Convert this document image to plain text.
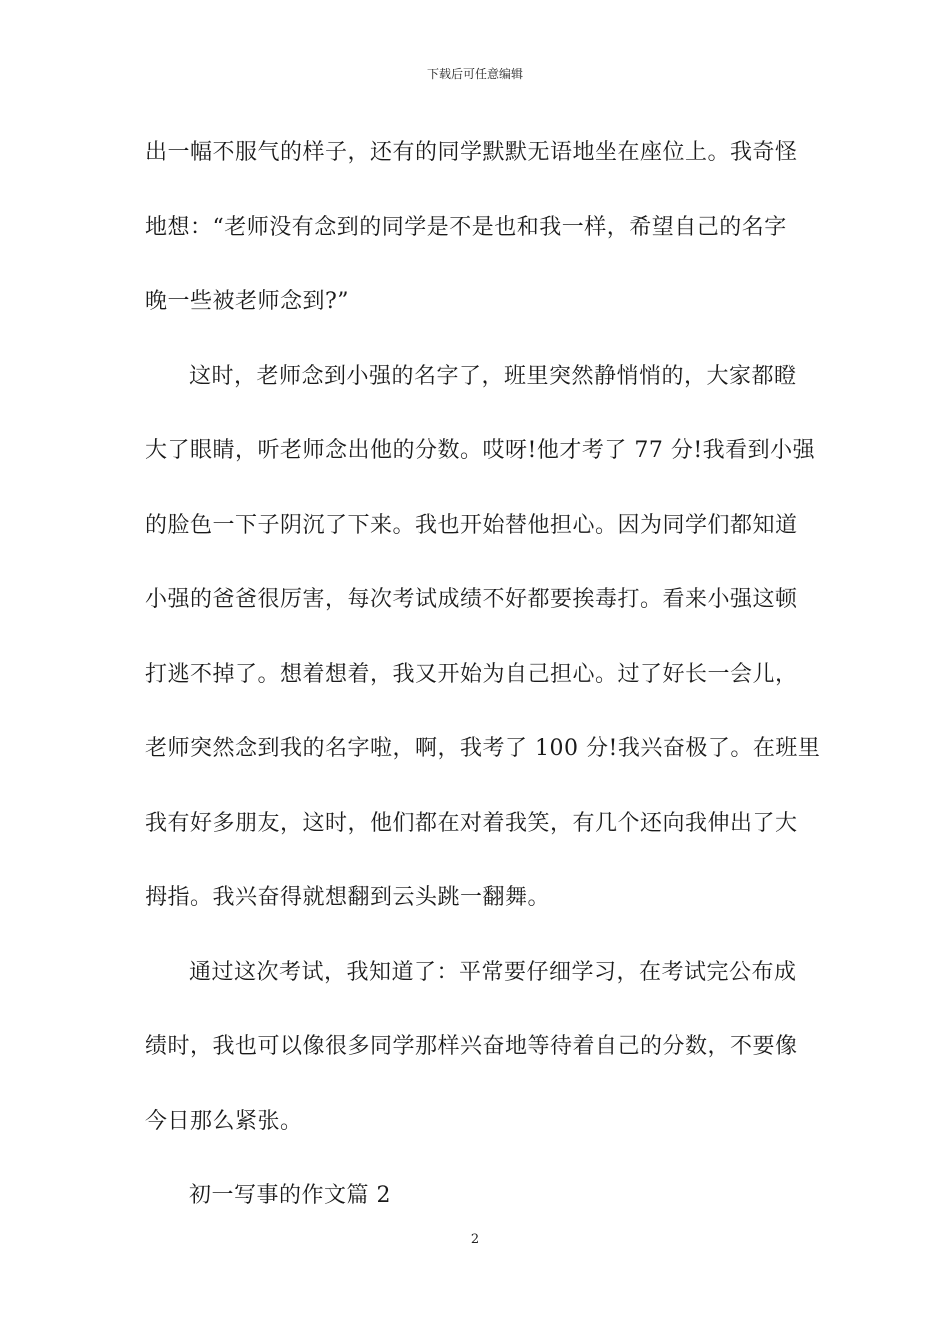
下载后可任意编辑
出一幅不服气的样子，还有的同学默默无语地坐在座位上。我奇怪
地想：“老师没有念到的同学是不是也和我一样，希望自己的名字
晚一些被老师念到?”
这时，老师念到小强的名字了，班里突然静悄悄的，大家都瞪
大了眼睛，听老师念出他的分数。哎呀!他才考了 77 分!我看到小强
的脸色一下子阴沉了下来。我也开始替他担心。因为同学们都知道
小强的爸爸很厉害，每次考试成绩不好都要挨毒打。看来小强这顿
打逃不掉了。想着想着，我又开始为自己担心。过了好长一会儿，
老师突然念到我的名字啦，啊，我考了 100 分!我兴奋极了。在班里
我有好多朋友，这时，他们都在对着我笑，有几个还向我伸出了大
拇指。我兴奋得就想翻到云头跳一翻舞。
通过这次考试，我知道了：平常要仔细学习，在考试完公布成
绩时，我也可以像很多同学那样兴奋地等待着自己的分数，不要像
今日那么紧张。
初一写事的作文篇 2
2
